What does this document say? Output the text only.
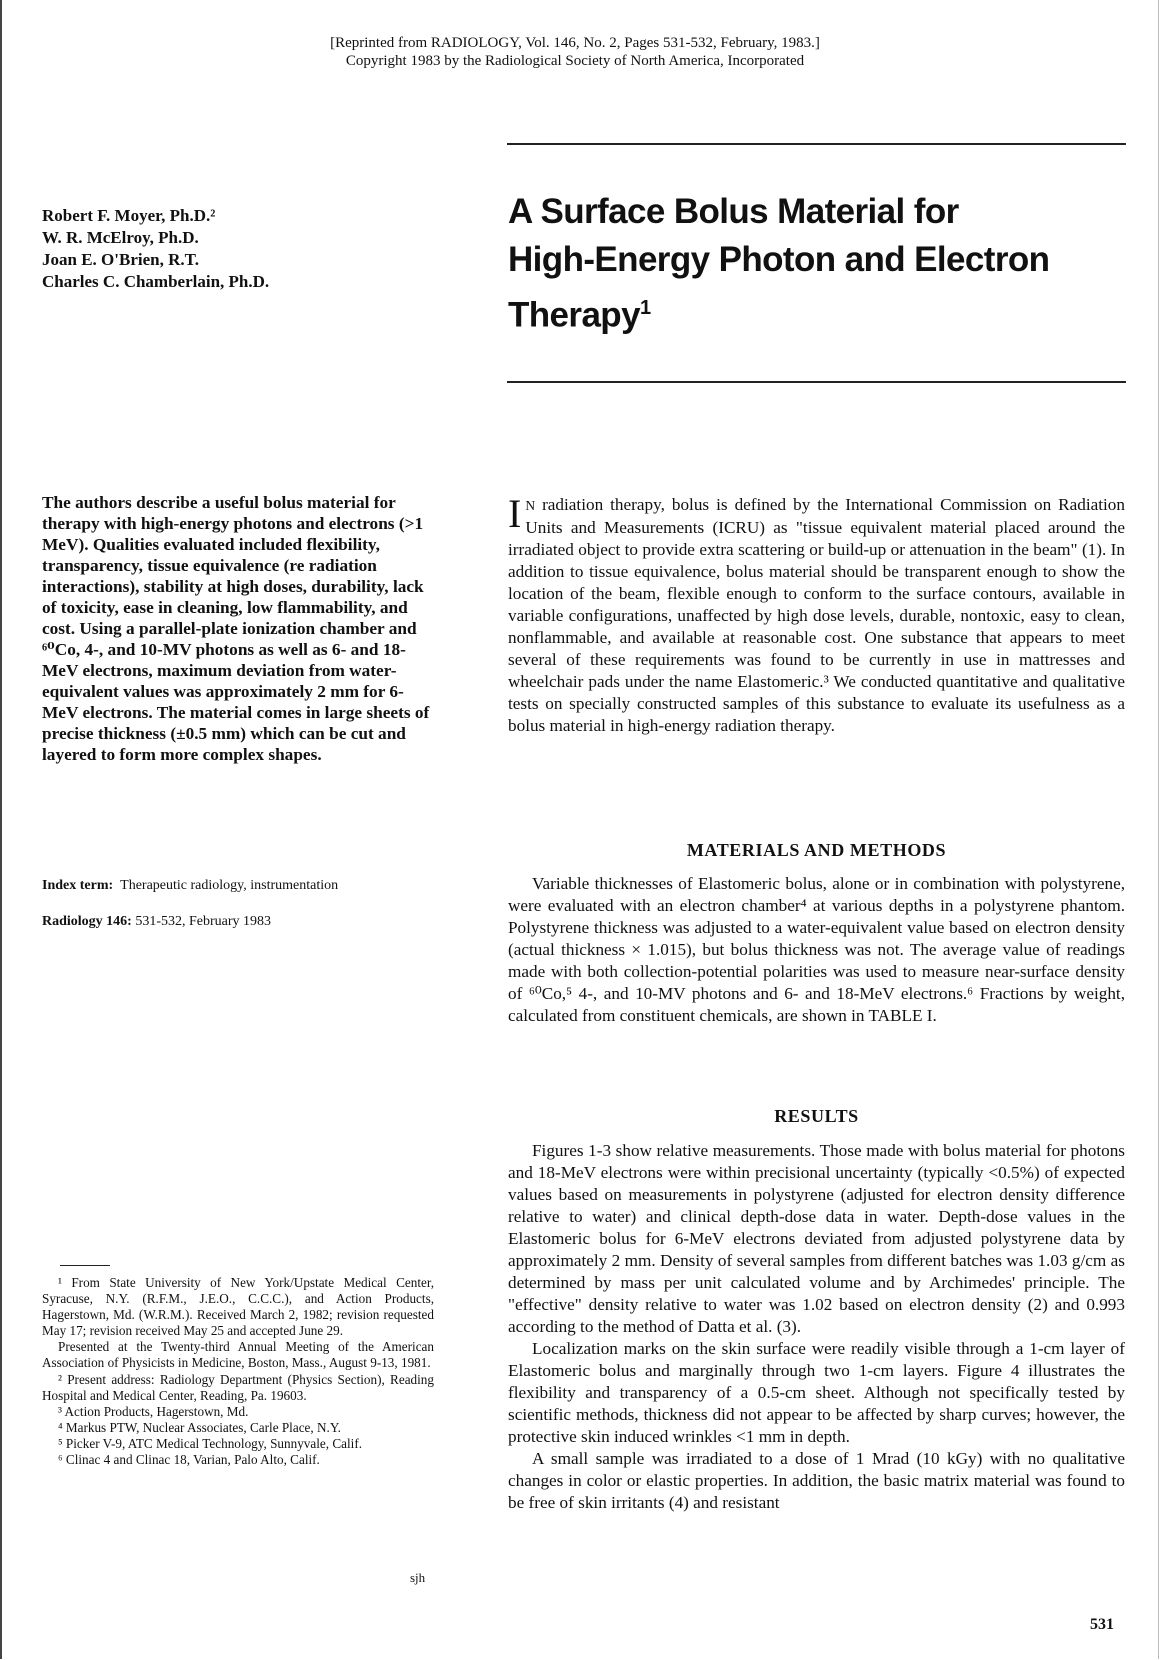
[Reprinted from RADIOLOGY, Vol. 146, No. 2, Pages 531-532, February, 1983.]
Copyright 1983 by the Radiological Society of North America, Incorporated
Robert F. Moyer, Ph.D.²
W. R. McElroy, Ph.D.
Joan E. O'Brien, R.T.
Charles C. Chamberlain, Ph.D.
A Surface Bolus Material for
High-Energy Photon and Electron
Therapy$^1$

The authors describe a useful bolus material for therapy with high-energy photons and electrons (>1 MeV). Qualities evaluated included flexibility, transparency, tissue equivalence (re radiation interactions), stability at high doses, durability, lack of toxicity, ease in cleaning, low flammability, and cost. Using a parallel-plate ionization chamber and ⁶⁰Co, 4-, and 10-MV photons as well as 6- and 18-MeV electrons, maximum deviation from water-equivalent values was approximately 2 mm for 6-MeV electrons. The material comes in large sheets of precise thickness (±0.5 mm) which can be cut and layered to form more complex shapes.

Index term: Therapeutic radiology, instrumentation
Radiology 146: 531-532, February 1983

¹ From State University of New York/Upstate Medical Center, Syracuse, N.Y. (R.F.M., J.E.O., C.C.C.), and Action Products, Hagerstown, Md. (W.R.M.). Received March 2, 1982; revision requested May 17; revision received May 25 and accepted June 29.

Presented at the Twenty-third Annual Meeting of the American Association of Physicists in Medicine, Boston, Mass., August 9-13, 1981.

² Present address: Radiology Department (Physics Section), Reading Hospital and Medical Center, Reading, Pa. 19603.

³ Action Products, Hagerstown, Md.

⁴ Markus PTW, Nuclear Associates, Carle Place, N.Y.

⁵ Picker V-9, ATC Medical Technology, Sunnyvale, Calif.

⁶ Clinac 4 and Clinac 18, Varian, Palo Alto, Calif.

sjh

I N radiation therapy, bolus is defined by the International Commission on Radiation Units and Measurements (ICRU) as "tissue equivalent material placed around the irradiated object to provide extra scattering or build-up or attenuation in the beam" (1). In addition to tissue equivalence, bolus material should be transparent enough to show the location of the beam, flexible enough to conform to the surface contours, available in variable configurations, unaffected by high dose levels, durable, nontoxic, easy to clean, nonflammable, and available at reasonable cost. One substance that appears to meet several of these requirements was found to be currently in use in mattresses and wheelchair pads under the name Elastomeric.³ We conducted quantitative and qualitative tests on specially constructed samples of this substance to evaluate its usefulness as a bolus material in high-energy radiation therapy.

MATERIALS AND METHODS

Variable thicknesses of Elastomeric bolus, alone or in combination with polystyrene, were evaluated with an electron chamber⁴ at various depths in a polystyrene phantom. Polystyrene thickness was adjusted to a water-equivalent value based on electron density (actual thickness × 1.015), but bolus thickness was not. The average value of readings made with both collection-potential polarities was used to measure near-surface density of ⁶⁰Co,⁵ 4-, and 10-MV photons and 6- and 18-MeV electrons.⁶ Fractions by weight, calculated from constituent chemicals, are shown in TABLE I.

RESULTS

Figures 1-3 show relative measurements. Those made with bolus material for photons and 18-MeV electrons were within precisional uncertainty (typically <0.5%) of expected values based on measurements in polystyrene (adjusted for electron density difference relative to water) and clinical depth-dose data in water. Depth-dose values in the Elastomeric bolus for 6-MeV electrons deviated from adjusted polystyrene data by approximately 2 mm. Density of several samples from different batches was 1.03 g/cm as determined by mass per unit calculated volume and by Archimedes' principle. The "effective" density relative to water was 1.02 based on electron density (2) and 0.993 according to the method of Datta et al. (3).

Localization marks on the skin surface were readily visible through a 1-cm layer of Elastomeric bolus and marginally through two 1-cm layers. Figure 4 illustrates the flexibility and transparency of a 0.5-cm sheet. Although not specifically tested by scientific methods, thickness did not appear to be affected by sharp curves; however, the protective skin induced wrinkles <1 mm in depth.

A small sample was irradiated to a dose of 1 Mrad (10 kGy) with no qualitative changes in color or elastic properties. In addition, the basic matrix material was found to be free of skin irritants (4) and resistant

531
